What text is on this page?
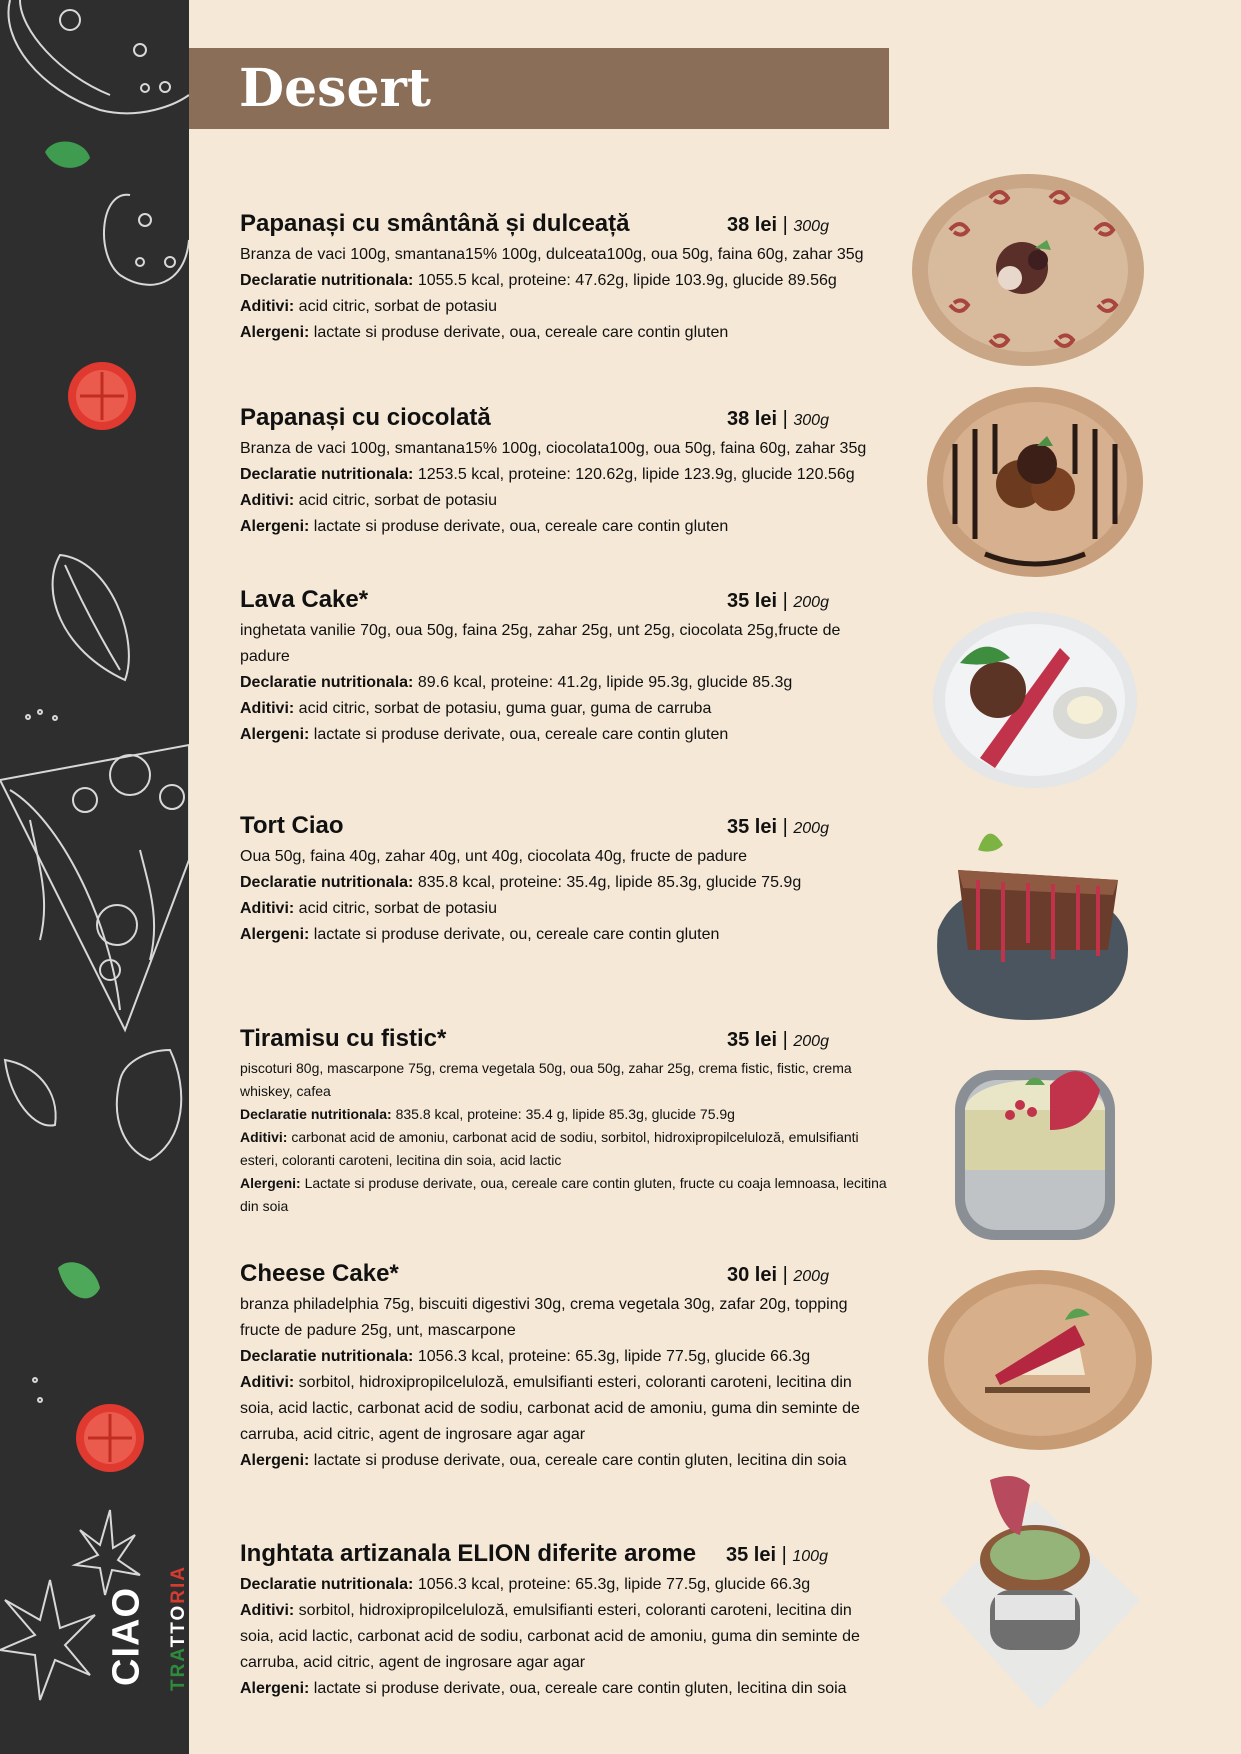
CIAO TRATTORIA
Desert
Papanași cu smântână și dulceață	38 lei | 300g
Branza de vaci 100g, smantana15% 100g, dulceata100g, oua 50g, faina 60g, zahar 35g
Declaratie nutritionala: 1055.5 kcal, proteine: 47.62g, lipide 103.9g, glucide 89.56g
Aditivi: acid citric, sorbat de potasiu
Alergeni: lactate si produse derivate, oua, cereale care contin gluten
Papanași cu ciocolată	38 lei | 300g
Branza de vaci 100g, smantana15% 100g, ciocolata100g, oua 50g, faina 60g, zahar 35g
Declaratie nutritionala: 1253.5 kcal, proteine: 120.62g, lipide 123.9g, glucide 120.56g
Aditivi: acid citric, sorbat de potasiu
Alergeni: lactate si produse derivate, oua, cereale care contin gluten
Lava Cake*	35 lei | 200g
inghetata vanilie 70g, oua 50g, faina 25g, zahar 25g, unt 25g, ciocolata 25g,fructe de padure
Declaratie nutritionala: 89.6 kcal, proteine: 41.2g, lipide 95.3g, glucide 85.3g
Aditivi: acid citric, sorbat de potasiu, guma guar, guma de carruba
Alergeni: lactate si produse derivate, oua, cereale care contin gluten
Tort Ciao	35 lei | 200g
Oua 50g, faina 40g, zahar 40g, unt 40g, ciocolata 40g, fructe de padure
Declaratie nutritionala: 835.8 kcal, proteine: 35.4g, lipide 85.3g, glucide 75.9g
Aditivi: acid citric, sorbat de potasiu
Alergeni: lactate si produse derivate, ou, cereale care contin gluten
Tiramisu cu fistic*	35 lei | 200g
piscoturi 80g, mascarpone 75g, crema vegetala 50g, oua 50g, zahar 25g, crema fistic, fistic, crema whiskey, cafea
Declaratie nutritionala: 835.8 kcal, proteine: 35.4 g, lipide 85.3g, glucide 75.9g
Aditivi: carbonat acid de amoniu, carbonat acid de sodiu, sorbitol, hidroxipropilceluloză, emulsifianti esteri, coloranti caroteni, lecitina din soia, acid lactic
Alergeni: Lactate si produse derivate, oua, cereale care contin gluten, fructe cu coaja lemnoasa, lecitina din soia
Cheese Cake*	30 lei | 200g
branza philadelphia 75g, biscuiti digestivi 30g, crema vegetala 30g, zafar 20g, topping fructe de padure 25g, unt, mascarpone
Declaratie nutritionala: 1056.3 kcal, proteine: 65.3g, lipide 77.5g, glucide 66.3g
Aditivi: sorbitol, hidroxipropilceluloză, emulsifianti esteri, coloranti caroteni, lecitina din soia, acid lactic, carbonat acid de sodiu, carbonat acid de amoniu, guma din seminte de carruba, acid citric, agent de ingrosare agar agar
Alergeni: lactate si produse derivate, oua, cereale care contin gluten, lecitina din soia
Inghtata artizanala ELION diferite arome	35 lei | 100g
Declaratie nutritionala: 1056.3 kcal, proteine: 65.3g, lipide 77.5g, glucide 66.3g
Aditivi: sorbitol, hidroxipropilceluloză, emulsifianti esteri, coloranti caroteni, lecitina din soia, acid lactic, carbonat acid de sodiu, carbonat acid de amoniu, guma din seminte de carruba, acid citric, agent de ingrosare agar agar
Alergeni: lactate si produse derivate, oua, cereale care contin gluten, lecitina din soia
